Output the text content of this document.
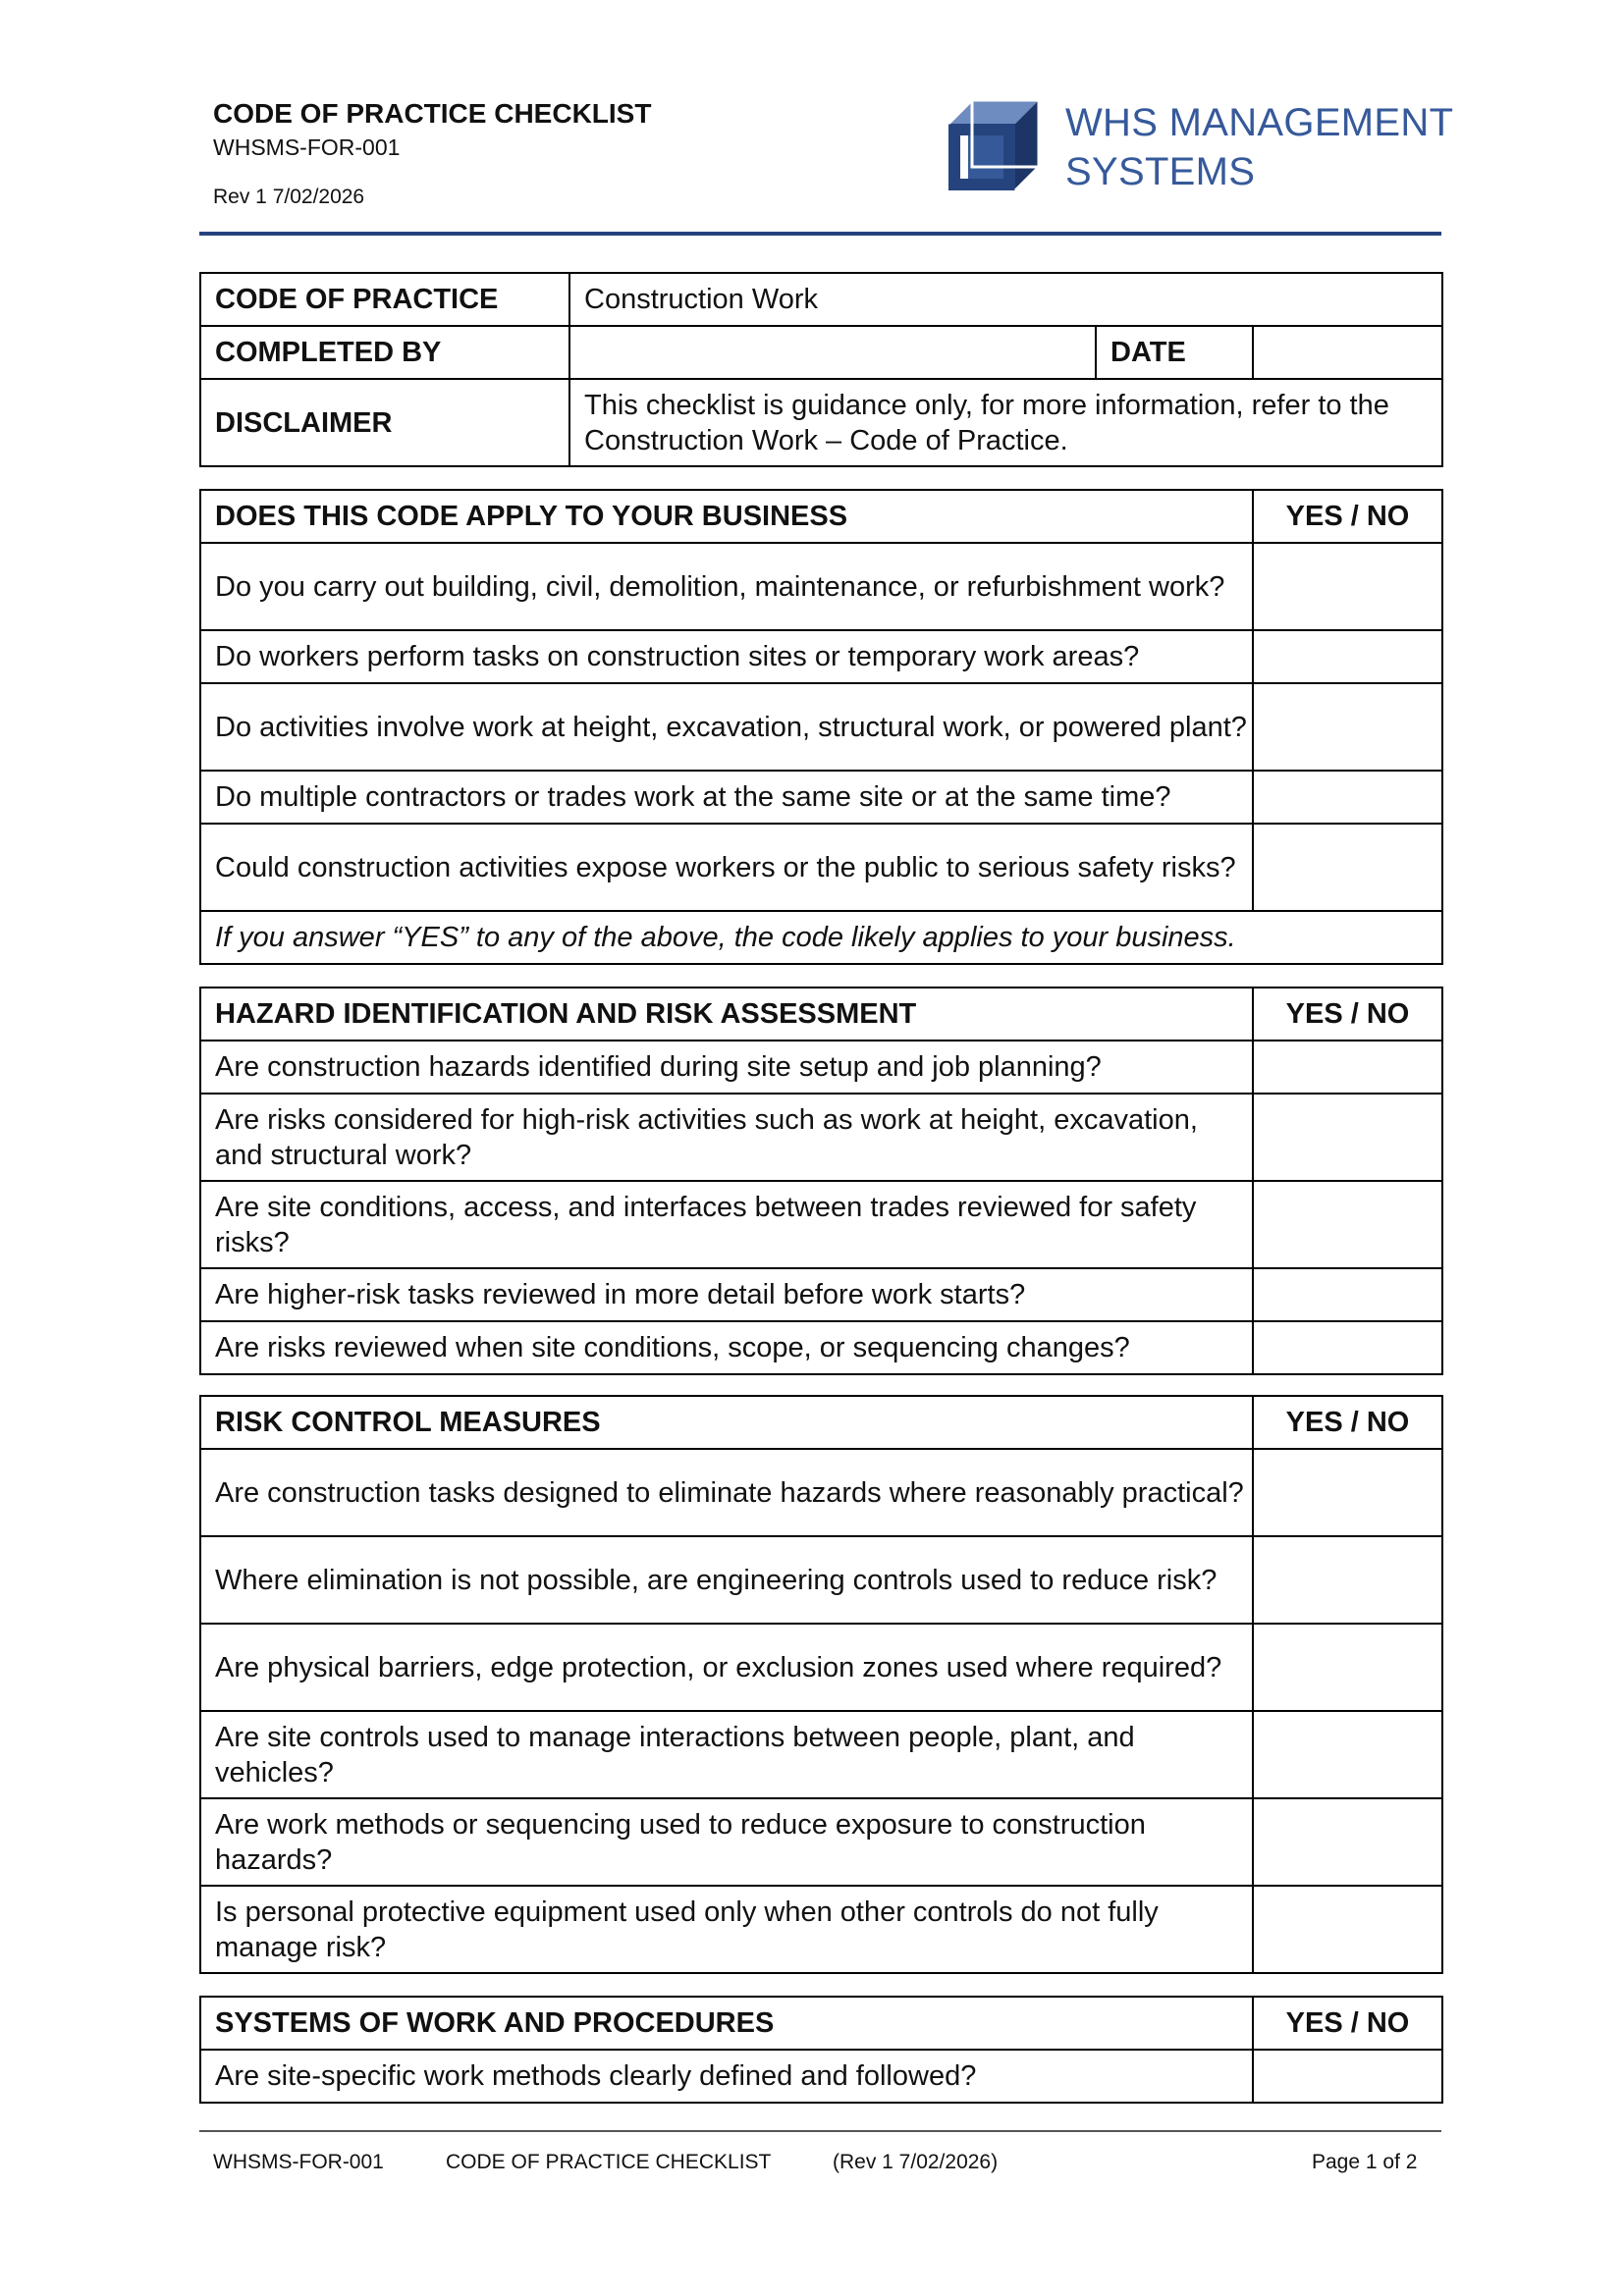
CODE OF PRACTICE CHECKLIST
WHSMS-FOR-001
Rev 1 7/02/2026
WHS MANAGEMENT
SYSTEMS
CODE OF PRACTICE	Construction Work		
COMPLETED BY		DATE	
DISCLAIMER	This checklist is guidance only, for more information, refer to the Construction Work – Code of Practice.		
DOES THIS CODE APPLY TO YOUR BUSINESS	YES / NO
Do you carry out building, civil, demolition, maintenance, or refurbishment work?	
Do workers perform tasks on construction sites or temporary work areas?	
Do activities involve work at height, excavation, structural work, or powered plant?	
Do multiple contractors or trades work at the same site or at the same time?	
Could construction activities expose workers or the public to serious safety risks?	
If you answer “YES” to any of the above, the code likely applies to your business.	
HAZARD IDENTIFICATION AND RISK ASSESSMENT	YES / NO
Are construction hazards identified during site setup and job planning?	
Are risks considered for high-risk activities such as work at height, excavation, and structural work?	
Are site conditions, access, and interfaces between trades reviewed for safety risks?	
Are higher-risk tasks reviewed in more detail before work starts?	
Are risks reviewed when site conditions, scope, or sequencing changes?	
RISK CONTROL MEASURES	YES / NO
Are construction tasks designed to eliminate hazards where reasonably practical?	
Where elimination is not possible, are engineering controls used to reduce risk?	
Are physical barriers, edge protection, or exclusion zones used where required?	
Are site controls used to manage interactions between people, plant, and vehicles?	
Are work methods or sequencing used to reduce exposure to construction hazards?	
Is personal protective equipment used only when other controls do not fully manage risk?	
SYSTEMS OF WORK AND PROCEDURES	YES / NO
Are site-specific work methods clearly defined and followed?	
WHSMS-FOR-001	CODE OF PRACTICE CHECKLIST	(Rev 1 7/02/2026)	Page 1 of 2
